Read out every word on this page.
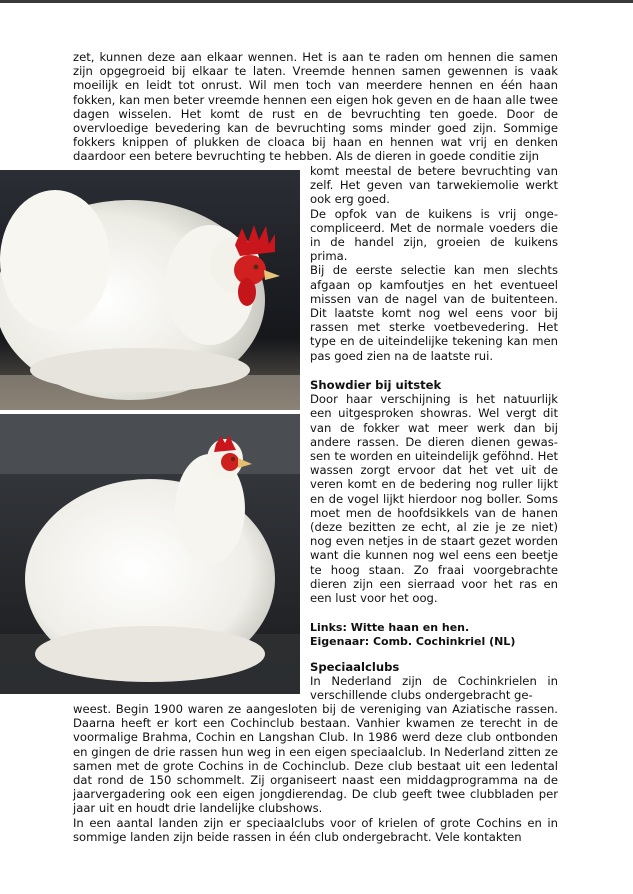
zet, kunnen deze aan elkaar wennen. Het is aan te raden om hennen die samen zijn opgegroeid bij elkaar te laten. Vreemde hennen samen gewennen is vaak moeilijk en leidt tot onrust. Wil men toch van meerdere hennen en één haan fokken, kan men beter vreemde hennen een eigen hok geven en de haan alle twee dagen wisselen. Het komt de rust en de bevruchting ten goede. Door de overvloedige bevedering kan de bevruchting soms minder goed zijn. Sommige fokkers knippen of plukken de cloaca bij haan en hennen wat vrij en denken daardoor een betere bevruchting te hebben. Als de dieren in goede conditie zijn

komt meestal de betere bevruchting van zelf. Het geven van tarwekiemolie werkt ook erg goed.

De opfok van de kuikens is vrij onge-compliceerd. Met de normale voeders die in de handel zijn, groeien de kuikens prima.

Bij de eerste selectie kan men slechts afgaan op kamfoutjes en het eventueel missen van de nagel van de buitenteen. Dit laatste komt nog wel eens voor bij rassen met sterke voetbevedering. Het type en de uiteindelijke tekening kan men pas goed zien na de laatste rui.

Showdier bij uitstek

Door haar verschijning is het natuurlijk een uitgesproken showras. Wel vergt dit van de fokker wat meer werk dan bij andere rassen. De dieren dienen gewas-sen te worden en uiteindelijk geföhnd. Het wassen zorgt ervoor dat het vet uit de veren komt en de bedering nog ruller lijkt en de vogel lijkt hierdoor nog boller. Soms moet men de hoofdsikkels van de hanen (deze bezitten ze echt, al zie je ze niet) nog even netjes in de staart gezet worden want die kunnen nog wel eens een beetje te hoog staan. Zo fraai voorgebrachte dieren zijn een sierraad voor het ras en een lust voor het oog.

Links: Witte haan en hen.

Eigenaar: Comb. Cochinkriel (NL)

Speciaalclubs

In Nederland zijn de Cochinkrielen in verschillende clubs ondergebracht ge-

weest. Begin 1900 waren ze aangesloten bij de vereniging van Aziatische rassen. Daarna heeft er kort een Cochinclub bestaan. Vanhier kwamen ze terecht in de voormalige Brahma, Cochin en Langshan Club. In 1986 werd deze club ontbonden en gingen de drie rassen hun weg in een eigen speciaalclub. In Nederland zitten ze samen met de grote Cochins in de Cochinclub. Deze club bestaat uit een ledental dat rond de 150 schommelt. Zij organiseert naast een middagprogramma na de jaarvergadering ook een eigen jongdierendag. De club geeft twee clubbladen per jaar uit en houdt drie landelijke clubshows.

In een aantal landen zijn er speciaalclubs voor of krielen of grote Cochins en in sommige landen zijn beide rassen in één club ondergebracht. Vele kontakten
